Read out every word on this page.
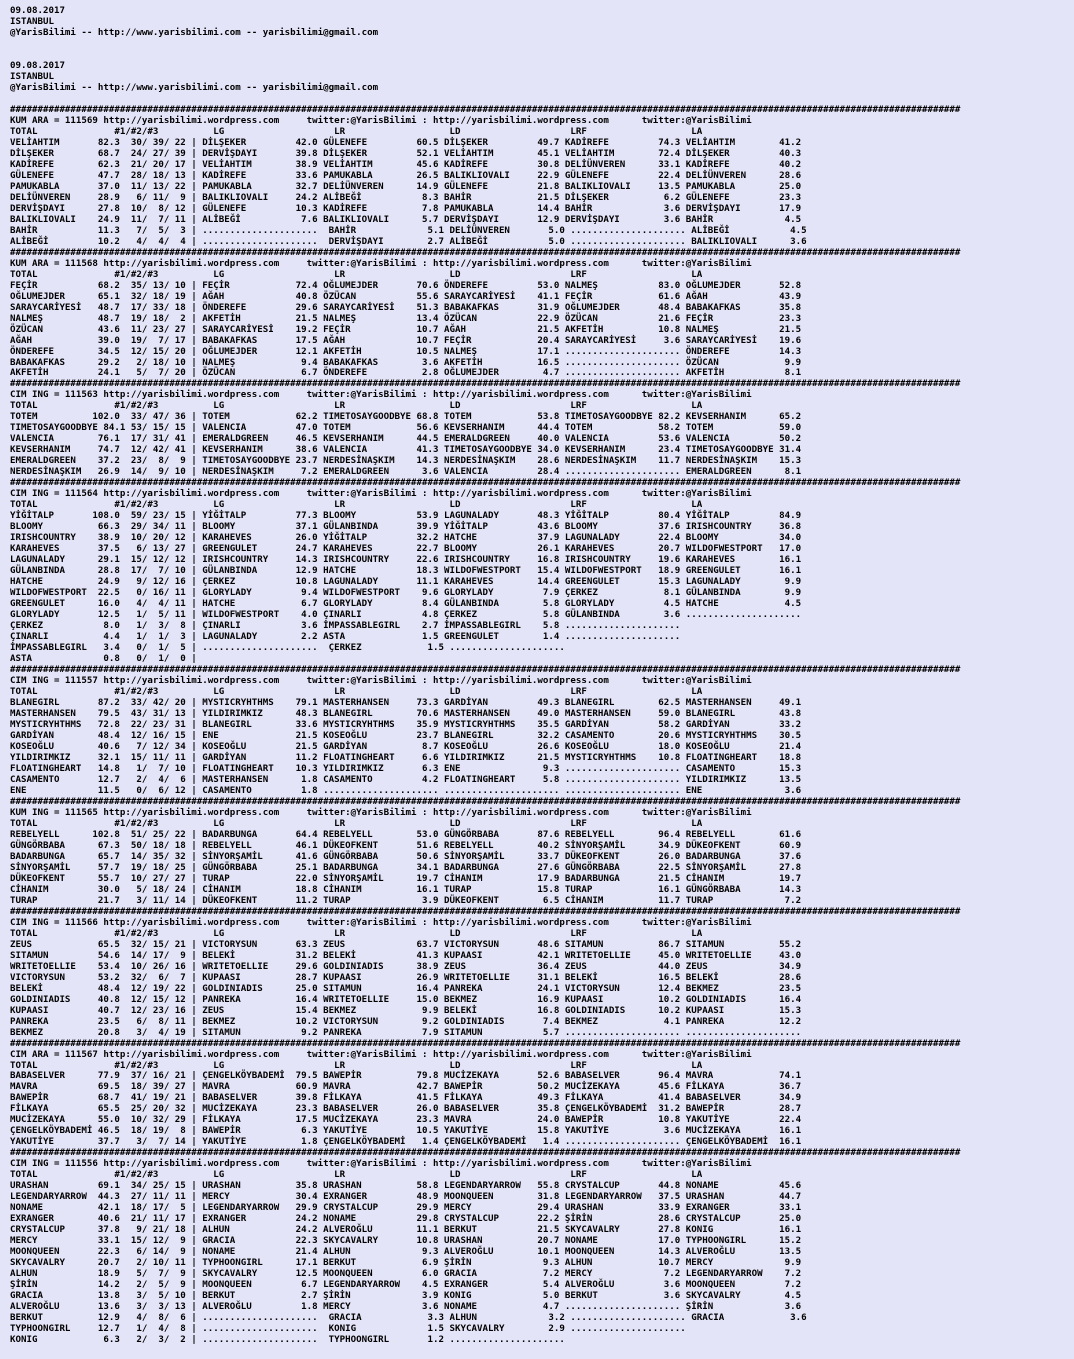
09.08.2017
ISTANBUL
@YarisBilimi -- http://www.yarisbilimi.com -- yarisbilimi@gmail.com

09.08.2017
ISTANBUL
@YarisBilimi -- http://www.yarisbilimi.com -- yarisbilimi@gmail.com

#############################################################################################################################################################################
KUM ARA = 111569 http://yarisbilimi.wordpress.com     twitter:@YarisBilimi : http://yarisbilimi.wordpress.com      twitter:@YarisBilimi
TOTAL              #1/#2/#3          LG                    LR                   LD                    LRF                   LA
VELİAHTIM       82.3  30/ 39/ 22 | DİLŞEKER         42.0 GÜLENEFE         60.5 DİLŞEKER         49.7 KADİREFE         74.3 VELİAHTIM        41.2
DİLŞEKER        68.7  24/ 27/ 39 | DERVİŞDAYI       39.8 DİLŞEKER         52.1 VELİAHTIM        45.1 VELİAHTIM        72.4 DİLŞEKER         40.3
KADİREFE        62.3  21/ 20/ 17 | VELİAHTIM        38.9 VELİAHTIM        45.6 KADİREFE         30.8 DELİÜNVEREN      33.1 KADİREFE         40.2
GÜLENEFE        47.7  28/ 18/ 13 | KADİREFE         33.6 PAMUKABLA        26.5 BALIKLIOVALI     22.9 GÜLENEFE         22.4 DELİÜNVEREN      28.6
PAMUKABLA       37.0  11/ 13/ 22 | PAMUKABLA        32.7 DELİÜNVEREN      14.9 GÜLENEFE         21.8 BALIKLIOVALI     13.5 PAMUKABLA        25.0
DELİÜNVEREN     28.9   6/ 11/  9 | BALIKLIOVALI     24.2 ALİBEĞİ           8.3 BAHİR            21.5 DİLŞEKER          6.2 GÜLENEFE         23.3
DERVİŞDAYI      27.8  10/  8/ 12 | GÜLENEFE         10.3 KADİREFE          7.8 PAMUKABLA        14.4 BAHİR             3.6 DERVİŞDAYI       17.9
BALIKLIOVALI    24.9  11/  7/ 11 | ALİBEĞİ           7.6 BALIKLIOVALI      5.7 DERVİŞDAYI       12.9 DERVİŞDAYI        3.6 BAHİR             4.5
BAHİR           11.3   7/  5/  3 | .....................  BAHİR             5.1 DELİÜNVEREN       5.0 ..................... ALİBEĞİ           4.5
ALİBEĞİ         10.2   4/  4/  4 | .....................  DERVİŞDAYI        2.7 ALİBEĞİ           5.0 ..................... BALIKLIOVALI      3.6
#############################################################################################################################################################################
KUM ARA = 111568 http://yarisbilimi.wordpress.com     twitter:@YarisBilimi : http://yarisbilimi.wordpress.com      twitter:@YarisBilimi
TOTAL              #1/#2/#3          LG                    LR                   LD                    LRF                   LA
FEÇİR           68.2  35/ 13/ 10 | FEÇİR            72.4 OĞLUMEJDER       70.6 ÖNDEREFE         53.0 NALMEŞ           83.0 OĞLUMEJDER       52.8
OĞLUMEJDER      65.1  32/ 18/ 19 | AĞAH             40.8 ÖZÜCAN           55.6 SARAYCARİYESİ    41.1 FEÇİR            61.6 AĞAH             43.9
SARAYCARİYESİ   48.7  17/ 33/ 18 | ÖNDEREFE         29.6 SARAYCARİYESİ    51.3 BABAKAFKAS       31.9 OĞLUMEJDER       48.4 BABAKAFKAS       35.8
NALMEŞ          48.7  19/ 18/  2 | AKFETİH          21.5 NALMEŞ           13.4 ÖZÜCAN           22.9 ÖZÜCAN           21.6 FEÇİR            23.3
ÖZÜCAN          43.6  11/ 23/ 27 | SARAYCARİYESİ    19.2 FEÇİR            10.7 AĞAH             21.5 AKFETİH          10.8 NALMEŞ           21.5
AĞAH            39.0  19/  7/ 17 | BABAKAFKAS       17.5 AĞAH             10.7 FEÇİR            20.4 SARAYCARİYESİ     3.6 SARAYCARİYESİ    19.6
ÖNDEREFE        34.5  12/ 15/ 20 | OĞLUMEJDER       12.1 AKFETİH          10.5 NALMEŞ           17.1 ..................... ÖNDEREFE         14.3
BABAKAFKAS      29.2   2/ 18/ 10 | NALMEŞ            9.4 BABAKAFKAS        3.6 AKFETİH          16.5 ..................... ÖZÜCAN            9.9
AKFETİH         24.1   5/  7/ 20 | ÖZÜCAN            6.7 ÖNDEREFE          2.8 OĞLUMEJDER        4.7 ..................... AKFETİH           8.1
#############################################################################################################################################################################
CIM ING = 111563 http://yarisbilimi.wordpress.com     twitter:@YarisBilimi : http://yarisbilimi.wordpress.com      twitter:@YarisBilimi
TOTAL              #1/#2/#3          LG                    LR                   LD                    LRF                   LA
TOTEM          102.0  33/ 47/ 36 | TOTEM            62.2 TIMETOSAYGOODBYE 68.8 TOTEM            53.8 TIMETOSAYGOODBYE 82.2 KEVSERHANIM      65.2
TIMETOSAYGOODBYE 84.1 53/ 15/ 15 | VALENCIA         47.0 TOTEM            56.6 KEVSERHANIM      44.4 TOTEM            58.2 TOTEM            59.0
VALENCIA        76.1  17/ 31/ 41 | EMERALDGREEN     46.5 KEVSERHANIM      44.5 EMERALDGREEN     40.0 VALENCIA         53.6 VALENCIA         50.2
KEVSERHANIM     74.7  12/ 42/ 41 | KEVSERHANIM      38.6 VALENCIA         41.3 TIMETOSAYGOODBYE 34.0 KEVSERHANIM      23.4 TIMETOSAYGOODBYE 31.4
EMERALDGREEN    37.2  23/  8/  9 | TIMETOSAYGOODBYE 23.7 NERDESİNAŞKIM    14.3 NERDESİNAŞKIM    28.6 NERDESİNAŞKIM    11.7 NERDESİNAŞKIM    15.3
NERDESİNAŞKIM   26.9  14/  9/ 10 | NERDESİNAŞKIM     7.2 EMERALDGREEN      3.6 VALENCIA         28.4 ..................... EMERALDGREEN      8.1
#############################################################################################################################################################################
CIM ING = 111564 http://yarisbilimi.wordpress.com     twitter:@YarisBilimi : http://yarisbilimi.wordpress.com      twitter:@YarisBilimi
TOTAL              #1/#2/#3          LG                    LR                   LD                    LRF                   LA
YİĞİTALP       108.0  59/ 23/ 15 | YİĞİTALP         77.3 BLOOMY           53.9 LAGUNALADY       48.3 YİĞİTALP         80.4 YİĞİTALP         84.9
BLOOMY          66.3  29/ 34/ 11 | BLOOMY           37.1 GÜLANBINDA       39.9 YİĞİTALP         43.6 BLOOMY           37.6 IRISHCOUNTRY     36.8
IRISHCOUNTRY    38.9  10/ 20/ 12 | KARAHEVES        26.0 YİĞİTALP         32.2 HATCHE           37.9 LAGUNALADY       22.4 BLOOMY           34.0
KARAHEVES       37.5   6/ 13/ 27 | GREENGULET       24.7 KARAHEVES        22.7 BLOOMY           26.1 KARAHEVES        20.7 WILDOFWESTPORT   17.0
LAGUNALADY      29.1  15/ 12/ 12 | IRISHCOUNTRY     14.3 IRISHCOUNTRY     22.6 IRISHCOUNTRY     16.8 IRISHCOUNTRY     19.6 KARAHEVES        16.1
GÜLANBINDA      28.8  17/  7/ 10 | GÜLANBINDA       12.9 HATCHE           18.3 WILDOFWESTPORT   15.4 WILDOFWESTPORT   18.9 GREENGULET       16.1
HATCHE          24.9   9/ 12/ 16 | ÇERKEZ           10.8 LAGUNALADY       11.1 KARAHEVES        14.4 GREENGULET       15.3 LAGUNALADY        9.9
WILDOFWESTPORT  22.5   0/ 16/ 11 | GLORYLADY         9.4 WILDOFWESTPORT    9.6 GLORYLADY         7.9 ÇERKEZ            8.1 GÜLANBINDA        9.9
GREENGULET      16.0   4/  4/ 11 | HATCHE            6.7 GLORYLADY         8.4 GÜLANBINDA        5.8 GLORYLADY         4.5 HATCHE            4.5
GLORYLADY       12.5   1/  5/ 11 | WILDOFWESTPORT    4.0 ÇINARLI           4.8 ÇERKEZ            5.8 GÜLANBINDA        3.6 .....................
ÇERKEZ           8.0   1/  3/  8 | ÇINARLI           3.6 İMPASSABLEGIRL    2.7 İMPASSABLEGIRL    5.8 .....................
ÇINARLI          4.4   1/  1/  3 | LAGUNALADY        2.2 ASTA              1.5 GREENGULET        1.4 .....................
İMPASSABLEGIRL   3.4   0/  1/  5 | .....................  ÇERKEZ            1.5 .....................
ASTA             0.8   0/  1/  0 |
#############################################################################################################################################################################
CIM ING = 111557 http://yarisbilimi.wordpress.com     twitter:@YarisBilimi : http://yarisbilimi.wordpress.com      twitter:@YarisBilimi
TOTAL              #1/#2/#3          LG                    LR                   LD                    LRF                   LA
BLANEGIRL       87.2  33/ 42/ 20 | MYSTICRYHTHMS    79.1 MASTERHANSEN     73.3 GARDİYAN         49.3 BLANEGIRL        62.5 MASTERHANSEN     49.1
MASTERHANSEN    79.5  43/ 31/ 13 | YILDIRIMKIZ      48.3 BLANEGIRL        70.6 MASTERHANSEN     49.0 MASTERHANSEN     59.0 BLANEGIRL        43.8
MYSTICRYHTHMS   72.8  22/ 23/ 31 | BLANEGIRL        33.6 MYSTICRYHTHMS    35.9 MYSTICRYHTHMS    35.5 GARDİYAN         58.2 GARDİYAN         33.2
GARDİYAN        48.4  12/ 16/ 15 | ENE              21.5 KOSEOĞLU         23.7 BLANEGIRL        32.2 CASAMENTO        20.6 MYSTICRYHTHMS    30.5
KOSEOĞLU        40.6   7/ 12/ 34 | KOSEOĞLU         21.5 GARDİYAN          8.7 KOSEOĞLU         26.6 KOSEOĞLU         18.0 KOSEOĞLU         21.4
YILDIRIMKIZ     32.1  15/ 11/ 11 | GARDİYAN         11.2 FLOATINGHEART     6.6 YILDIRIMKIZ      21.5 MYSTICRYHTHMS    10.8 FLOATINGHEART    18.8
FLOATINGHEART   14.8   1/  7/ 10 | FLOATINGHEART    10.3 YILDIRIMKIZ       6.3 ENE               9.3 ..................... CASAMENTO        15.3
CASAMENTO       12.7   2/  4/  6 | MASTERHANSEN      1.8 CASAMENTO         4.2 FLOATINGHEART     5.8 ..................... YILDIRIMKIZ      13.5
ENE             11.5   0/  6/ 12 | CASAMENTO         1.8 ..................... ..................... ..................... ENE               3.6
#############################################################################################################################################################################
KUM ING = 111565 http://yarisbilimi.wordpress.com     twitter:@YarisBilimi : http://yarisbilimi.wordpress.com      twitter:@YarisBilimi
TOTAL              #1/#2/#3          LG                    LR                   LD                    LRF                   LA
REBELYELL      102.8  51/ 25/ 22 | BADARBUNGA       64.4 REBELYELL        53.0 GÜNGÖRBABA       87.6 REBELYELL        96.4 REBELYELL        61.6
GÜNGÖRBABA      67.3  50/ 18/ 18 | REBELYELL        46.1 DÜKEOFKENT       51.6 REBELYELL        40.2 SİNYORŞAMİL      34.9 DÜKEOFKENT       60.9
BADARBUNGA      65.7  14/ 35/ 32 | SİNYORŞAMİL      41.6 GÜNGÖRBABA       50.6 SİNYORŞAMİL      33.7 DÜKEOFKENT       26.0 BADARBUNGA       37.6
SİNYORŞAMİL     57.7  19/ 18/ 25 | GÜNGÖRBABA       25.1 BADARBUNGA       34.1 BADARBUNGA       27.6 GÜNGÖRBABA       22.5 SİNYORŞAMİL      27.8
DÜKEOFKENT      55.7  10/ 27/ 27 | TURAP            22.0 SİNYORŞAMİL      19.7 CİHANIM          17.9 BADARBUNGA       21.5 CİHANIM          19.7
CİHANIM         30.0   5/ 18/ 24 | CİHANIM          18.8 CİHANIM          16.1 TURAP            15.8 TURAP            16.1 GÜNGÖRBABA       14.3
TURAP           21.7   3/ 11/ 14 | DÜKEOFKENT       11.2 TURAP             3.9 DÜKEOFKENT        6.5 CİHANIM          11.7 TURAP             7.2
#############################################################################################################################################################################
CIM ING = 111566 http://yarisbilimi.wordpress.com     twitter:@YarisBilimi : http://yarisbilimi.wordpress.com      twitter:@YarisBilimi
TOTAL              #1/#2/#3          LG                    LR                   LD                    LRF                   LA
ZEUS            65.5  32/ 15/ 21 | VICTORYSUN       63.3 ZEUS             63.7 VICTORYSUN       48.6 SITAMUN          86.7 SITAMUN          55.2
SITAMUN         54.6  14/ 17/  9 | BELEKİ           31.2 BELEKİ           41.3 KUPAASI          42.1 WRITETOELLIE     45.0 WRITETOELLIE     43.0
WRITETOELLIE    53.4  10/ 26/ 16 | WRITETOELLIE     29.6 GOLDINIADIS      38.9 ZEUS             36.4 ZEUS             44.0 ZEUS             34.9
VICTORYSUN      53.2  32/  6/  7 | KUPAASI          28.7 KUPAASI          26.9 WRITETOELLIE     31.1 BELEKİ           16.5 BELEKİ           28.6
BELEKİ          48.4  12/ 19/ 22 | GOLDINIADIS      25.0 SITAMUN          16.4 PANREKA          24.1 VICTORYSUN       12.4 BEKMEZ           23.5
GOLDINIADIS     40.8  12/ 15/ 12 | PANREKA          16.4 WRITETOELLIE     15.0 BEKMEZ           16.9 KUPAASI          10.2 GOLDINIADIS      16.4
KUPAASI         40.7  12/ 23/ 16 | ZEUS             15.4 BEKMEZ            9.9 BELEKİ           16.8 GOLDINIADIS      10.2 KUPAASI          15.3
PANREKA         23.5   6/  8/ 11 | BEKMEZ           10.2 VICTORYSUN        9.2 GOLDINIADIS       7.4 BEKMEZ            4.1 PANREKA          12.2
BEKMEZ          20.8   3/  4/ 19 | SITAMUN           9.2 PANREKA           7.9 SITAMUN           5.7 ..................... .....................
#############################################################################################################################################################################
CIM ARA = 111567 http://yarisbilimi.wordpress.com     twitter:@YarisBilimi : http://yarisbilimi.wordpress.com      twitter:@YarisBilimi
TOTAL              #1/#2/#3          LG                    LR                   LD                    LRF                   LA
BABASELVER      77.9  37/ 16/ 21 | ÇENGELKÖYBADEMİ  79.5 BAWEPİR          79.8 MUCİZEKAYA       52.6 BABASELVER       96.4 MAVRA            74.1
MAVRA           69.5  18/ 39/ 27 | MAVRA            60.9 MAVRA            42.7 BAWEPİR          50.2 MUCİZEKAYA       45.6 FİLKAYA          36.7
BAWEPİR         68.7  41/ 19/ 21 | BABASELVER       39.8 FİLKAYA          41.5 FİLKAYA          49.3 FİLKAYA          41.4 BABASELVER       34.9
FİLKAYA         65.5  25/ 20/ 32 | MUCİZEKAYA       23.3 BABASELVER       26.0 BABASELVER       35.8 ÇENGELKÖYBADEMİ  31.2 BAWEPİR          28.7
MUCİZEKAYA      55.0  10/ 32/ 29 | FİLKAYA          17.5 MUCİZEKAYA       23.3 MAVRA            24.0 BAWEPİR          10.8 YAKUTİYE         22.4
ÇENGELKÖYBADEMİ 46.5  18/ 19/  8 | BAWEPİR           6.3 YAKUTİYE         10.5 YAKUTİYE         15.8 YAKUTİYE          3.6 MUCİZEKAYA       16.1
YAKUTİYE        37.7   3/  7/ 14 | YAKUTİYE          1.8 ÇENGELKÖYBADEMİ   1.4 ÇENGELKÖYBADEMİ   1.4 ..................... ÇENGELKÖYBADEMİ  16.1
#############################################################################################################################################################################
CIM ING = 111556 http://yarisbilimi.wordpress.com     twitter:@YarisBilimi : http://yarisbilimi.wordpress.com      twitter:@YarisBilimi
TOTAL              #1/#2/#3          LG                    LR                   LD                    LRF                   LA
URASHAN         69.1  34/ 25/ 15 | URASHAN          35.8 URASHAN          58.8 LEGENDARYARROW   55.8 CRYSTALCUP       44.8 NONAME           45.6
LEGENDARYARROW  44.3  27/ 11/ 11 | MERCY            30.4 EXRANGER         48.9 MOONQUEEN        31.8 LEGENDARYARROW   37.5 URASHAN          44.7
NONAME          42.1  18/ 17/  5 | LEGENDARYARROW   29.9 CRYSTALCUP       29.9 MERCY            29.4 URASHAN          33.9 EXRANGER         33.1
EXRANGER        40.6  21/ 11/ 17 | EXRANGER         24.2 NONAME           29.8 CRYSTALCUP       22.2 ŞİRİN            28.6 CRYSTALCUP       25.0
CRYSTALCUP      37.8   9/ 21/ 18 | ALHUN            24.2 ALVEROĞLU        11.1 BERKUT           21.5 SKYCAVALRY       27.8 KONIG            16.1
MERCY           33.1  15/ 12/  9 | GRACIA           22.3 SKYCAVALRY       10.8 URASHAN          20.7 NONAME           17.0 TYPHOONGIRL      15.2
MOONQUEEN       22.3   6/ 14/  9 | NONAME           21.4 ALHUN             9.3 ALVEROĞLU        10.1 MOONQUEEN        14.3 ALVEROĞLU        13.5
SKYCAVALRY      20.7   2/ 10/ 11 | TYPHOONGIRL      17.1 BERKUT            6.9 ŞİRİN             9.3 ALHUN            10.7 MERCY             9.9
ALHUN           18.9   5/  7/  9 | SKYCAVALRY       12.5 MOONQUEEN         6.0 GRACIA            7.2 MERCY             7.2 LEGENDARYARROW    7.2
ŞİRİN           14.2   2/  5/  9 | MOONQUEEN         6.7 LEGENDARYARROW    4.5 EXRANGER          5.4 ALVEROĞLU         3.6 MOONQUEEN         7.2
GRACIA          13.8   3/  5/ 10 | BERKUT            2.7 ŞİRİN             3.9 KONIG             5.0 BERKUT            3.6 SKYCAVALRY        4.5
ALVEROĞLU       13.6   3/  3/ 13 | ALVEROĞLU         1.8 MERCY             3.6 NONAME            4.7 ..................... ŞİRİN             3.6
BERKUT          12.9   4/  8/  6 | .....................  GRACIA            3.3 ALHUN             3.2 ..................... GRACIA            3.6
TYPHOONGIRL     12.7   1/  4/  8 | .....................  KONIG             1.5 SKYCAVALRY        2.9 .....................
KONIG            6.3   2/  3/  2 | .....................  TYPHOONGIRL       1.2 .....................
